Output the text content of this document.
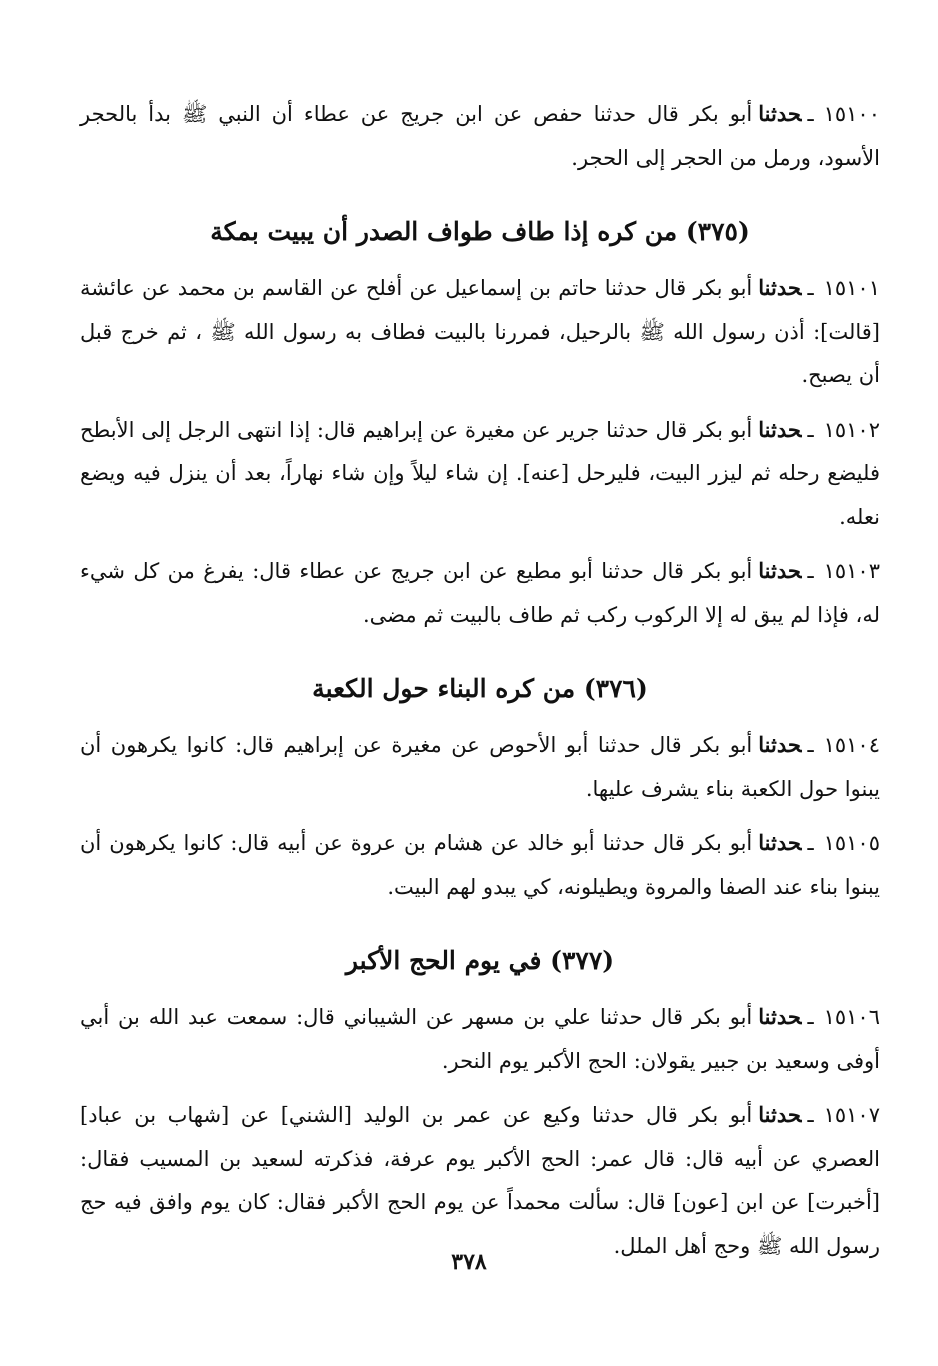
١٥١٠٠ـحدثناأبو بكر قال حدثنا حفص عن ابن جريج عن عطاء أن النبي ﷺ بدأ بالحجر الأسود، ورمل من الحجر إلى الحجر.

(٣٧٥) من كره إذا طاف طواف الصدر أن يبيت بمكة

١٥١٠١ـحدثناأبو بكر قال حدثنا حاتم بن إسماعيل عن أفلح عن القاسم بن محمد عن عائشة [قالت]: أذن رسول الله ﷺ بالرحيل، فمررنا بالبيت فطاف به رسول الله ﷺ ، ثم خرج قبل أن يصبح.

١٥١٠٢ـحدثناأبو بكر قال حدثنا جرير عن مغيرة عن إبراهيم قال: إذا انتهى الرجل إلى الأبطح فليضع رحله ثم ليزر البيت، فليرحل [عنه]. إن شاء ليلاً وإن شاء نهاراً، بعد أن ينزل فيه ويضع نعله.

١٥١٠٣ـحدثناأبو بكر قال حدثنا أبو مطيع عن ابن جريج عن عطاء قال: يفرغ من كل شيء له، فإذا لم يبق له إلا الركوب ركب ثم طاف بالبيت ثم مضى.

(٣٧٦) من كره البناء حول الكعبة

١٥١٠٤ـحدثناأبو بكر قال حدثنا أبو الأحوص عن مغيرة عن إبراهيم قال: كانوا يكرهون أن يبنوا حول الكعبة بناء يشرف عليها.

١٥١٠٥ـحدثناأبو بكر قال حدثنا أبو خالد عن هشام بن عروة عن أبيه قال: كانوا يكرهون أن يبنوا بناء عند الصفا والمروة ويطيلونه، كي يبدو لهم البيت.

(٣٧٧) في يوم الحج الأكبر

١٥١٠٦ـحدثناأبو بكر قال حدثنا علي بن مسهر عن الشيباني قال: سمعت عبد الله بن أبي أوفى وسعيد بن جبير يقولان: الحج الأكبر يوم النحر.

١٥١٠٧ـحدثناأبو بكر قال حدثنا وكيع عن عمر بن الوليد [الشني] عن [شهاب بن عباد] العصري عن أبيه قال: قال عمر: الحج الأكبر يوم عرفة، فذكرته لسعيد بن المسيب فقال: [أخبرت] عن ابن [عون] قال: سألت محمداً عن يوم الحج الأكبر فقال: كان يوم وافق فيه حج رسول الله ﷺ وحج أهل الملل.

٣٧٨
